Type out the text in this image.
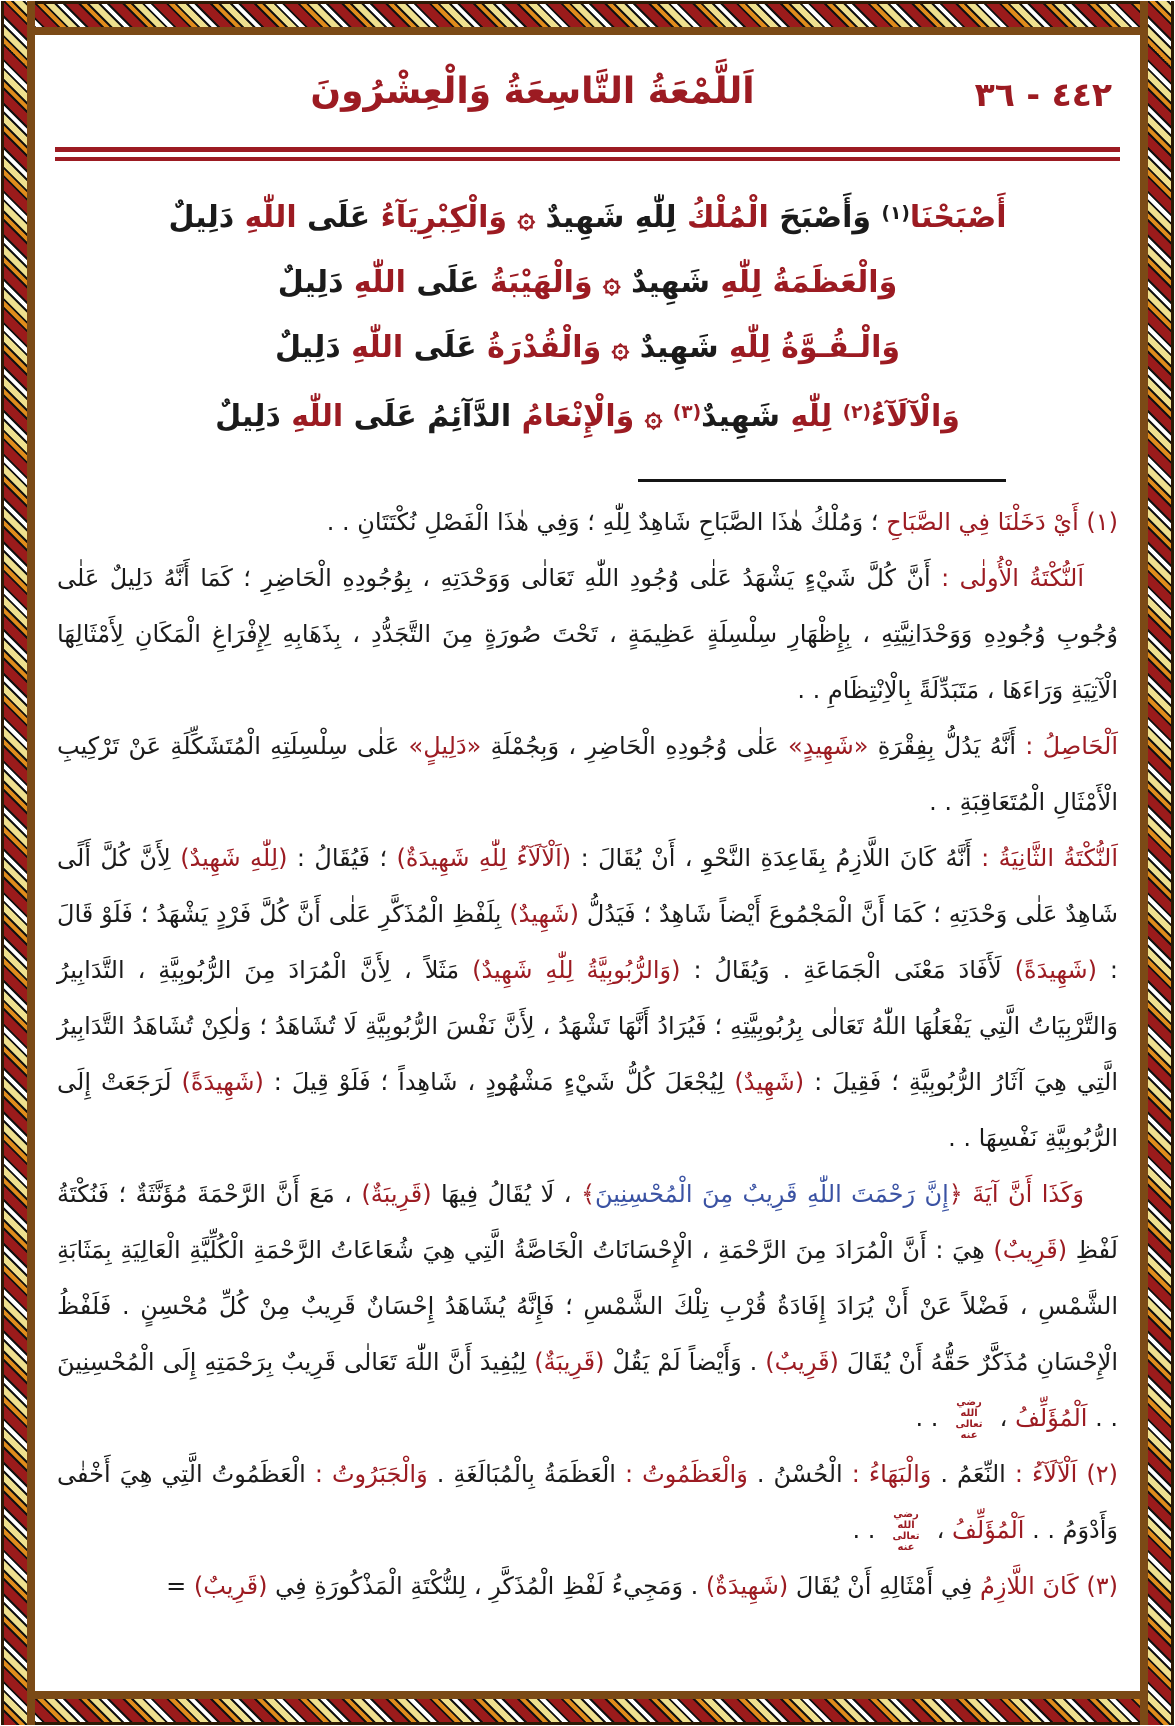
٤٤٢ - ٣٦
اَللَّمْعَةُ التَّاسِعَةُ وَالْعِشْرُونَ
أَصْبَحْنَا$^{(١)}$ وَأَصْبَحَ الْمُلْكُ لِلّٰهِ شَهِيدٌ ۞ وَالْكِبْرِيَآءُ عَلَى اللّٰهِ دَلِيلٌ
وَالْعَظَمَةُ لِلّٰهِ شَهِيدٌ ۞ وَالْهَيْبَةُ عَلَى اللّٰهِ دَلِيلٌ
وَالْـقُـوَّةُ لِلّٰهِ شَهِيدٌ ۞ وَالْقُدْرَةُ عَلَى اللّٰهِ دَلِيلٌ
وَالْآلَآءُ$^{(٢)}$ لِلّٰهِ شَهِيدٌ$^{(٣)}$ ۞ وَالْإِنْعَامُ الدَّآئِمُ عَلَى اللّٰهِ دَلِيلٌ

(١) أَيْ دَخَلْنَا فِي الصَّبَاحِ ؛ وَمُلْكُ هٰذَا الصَّبَاحِ شَاهِدٌ لِلّٰهِ ؛ وَفِي هٰذَا الْفَصْلِ نُكْتَتَانِ . .

اَلنُّكْتَةُ الْأُولٰى : أَنَّ كُلَّ شَيْءٍ يَشْهَدُ عَلٰى وُجُودِ اللّٰهِ تَعَالٰى وَوَحْدَتِهِ ، بِوُجُودِهِ الْحَاضِرِ ؛ كَمَا أَنَّهُ دَلِيلٌ عَلٰى وُجُوبِ وُجُودِهِ وَوَحْدَانِيَّتِهِ ، بِإِظْهَارِ سِلْسِلَةٍ عَظِيمَةٍ ، تَحْتَ صُورَةٍ مِنَ التَّجَدُّدِ ، بِذَهَابِهِ لِإِفْرَاغِ الْمَكَانِ لِأَمْثَالِهَا الْآتِيَةِ وَرَاءَهَا ، مَتَبَدِّلَةً بِالْاِنْتِظَامِ . .

اَلْحَاصِلُ : أَنَّهُ يَدُلُّ بِفِقْرَةِ «شَهِيدٍ» عَلٰى وُجُودِهِ الْحَاضِرِ ، وَبِجُمْلَةِ «دَلِيلٍ» عَلٰى سِلْسِلَتِهِ الْمُتَشَكِّلَةِ عَنْ تَرْكِيبِ الْأَمْثَالِ الْمُتَعَاقِبَةِ . .

اَلنُّكْتَةُ الثَّانِيَةُ : أَنَّهُ كَانَ اللَّازِمُ بِقَاعِدَةِ النَّحْوِ ، أَنْ يُقَالَ : (اَلْآلَآءُ لِلّٰهِ شَهِيدَةٌ) ؛ فَيُقَالُ : (لِلّٰهِ شَهِيدٌ) لِأَنَّ كُلَّ أَلًى شَاهِدٌ عَلٰى وَحْدَتِهِ ؛ كَمَا أَنَّ الْمَجْمُوعَ أَيْضاً شَاهِدٌ ؛ فَيَدُلُّ (شَهِيدٌ) بِلَفْظِ الْمُذَكَّرِ عَلٰى أَنَّ كُلَّ فَرْدٍ يَشْهَدُ ؛ فَلَوْ قَالَ : (شَهِيدَةً) لَأَفَادَ مَعْنَى الْجَمَاعَةِ . وَيُقَالُ : (وَالرُّبُوبِيَّةُ لِلّٰهِ شَهِيدٌ) مَثَلاً ، لِأَنَّ الْمُرَادَ مِنَ الرُّبُوبِيَّةِ ، التَّدَابِيرُ وَالتَّرْبِيَاتُ الَّتِي يَفْعَلُهَا اللّٰهُ تَعَالٰى بِرُبُوبِيَّتِهِ ؛ فَيُرَادُ أَنَّهَا تَشْهَدُ ، لِأَنَّ نَفْسَ الرُّبُوبِيَّةِ لَا تُشَاهَدُ ؛ وَلٰكِنْ تُشَاهَدُ التَّدَابِيرُ الَّتِي هِيَ آثَارُ الرُّبُوبِيَّةِ ؛ فَقِيلَ : (شَهِيدٌ) لِيُجْعَلَ كُلُّ شَيْءٍ مَشْهُودٍ ، شَاهِداً ؛ فَلَوْ قِيلَ : (شَهِيدَةً) لَرَجَعَتْ إِلَى الرُّبُوبِيَّةِ نَفْسِهَا . .

وَكَذَا أَنَّ آيَةَ ﴿إِنَّ رَحْمَتَ اللّٰهِ قَرِيبٌ مِنَ الْمُحْسِنِينَ﴾ ، لَا يُقَالُ فِيهَا (قَرِيبَةٌ) ، مَعَ أَنَّ الرَّحْمَةَ مُؤَنَّثَةٌ ؛ فَنُكْتَةُ لَفْظِ (قَرِيبٌ) هِيَ : أَنَّ الْمُرَادَ مِنَ الرَّحْمَةِ ، الْإِحْسَانَاتُ الْخَاصَّةُ الَّتِي هِيَ شُعَاعَاتُ الرَّحْمَةِ الْكُلِّيَّةِ الْعَالِيَةِ بِمَثَابَةِ الشَّمْسِ ، فَضْلاً عَنْ أَنْ يُرَادَ إِفَادَةُ قُرْبِ تِلْكَ الشَّمْسِ ؛ فَإِنَّهُ يُشَاهَدُ إِحْسَانٌ قَرِيبٌ مِنْ كُلِّ مُحْسِنٍ . فَلَفْظُ الْإِحْسَانِ مُذَكَّرٌ حَقُّهُ أَنْ يُقَالَ (قَرِيبٌ) . وَأَيْضاً لَمْ يَقُلْ (قَرِيبَةٌ) لِيُفِيدَ أَنَّ اللّٰهَ تَعَالٰى قَرِيبٌ بِرَحْمَتِهِ إِلَى الْمُحْسِنِينَ . . اَلْمُؤَلِّفُ ،
رضي الله
تعالى عنه
. .

(٢) اَلْآلَآءُ : النِّعَمُ . وَالْبَهَاءُ : الْحُسْنُ . وَالْعَظَمُوتُ : الْعَظَمَةُ بِالْمُبَالَغَةِ . وَالْجَبَرُوتُ : الْعَظَمُوتُ الَّتِي هِيَ أَخْفٰى وَأَدْوَمُ . . اَلْمُؤَلِّفُ ،
رضي الله
تعالى عنه
. .

(٣) كَانَ اللَّازِمُ فِي أَمْثَالِهِ أَنْ يُقَالَ (شَهِيدَةٌ) . وَمَجِيءُ لَفْظِ الْمُذَكَّرِ ، لِلنُّكْتَةِ الْمَذْكُورَةِ فِي (قَرِيبٌ) =
